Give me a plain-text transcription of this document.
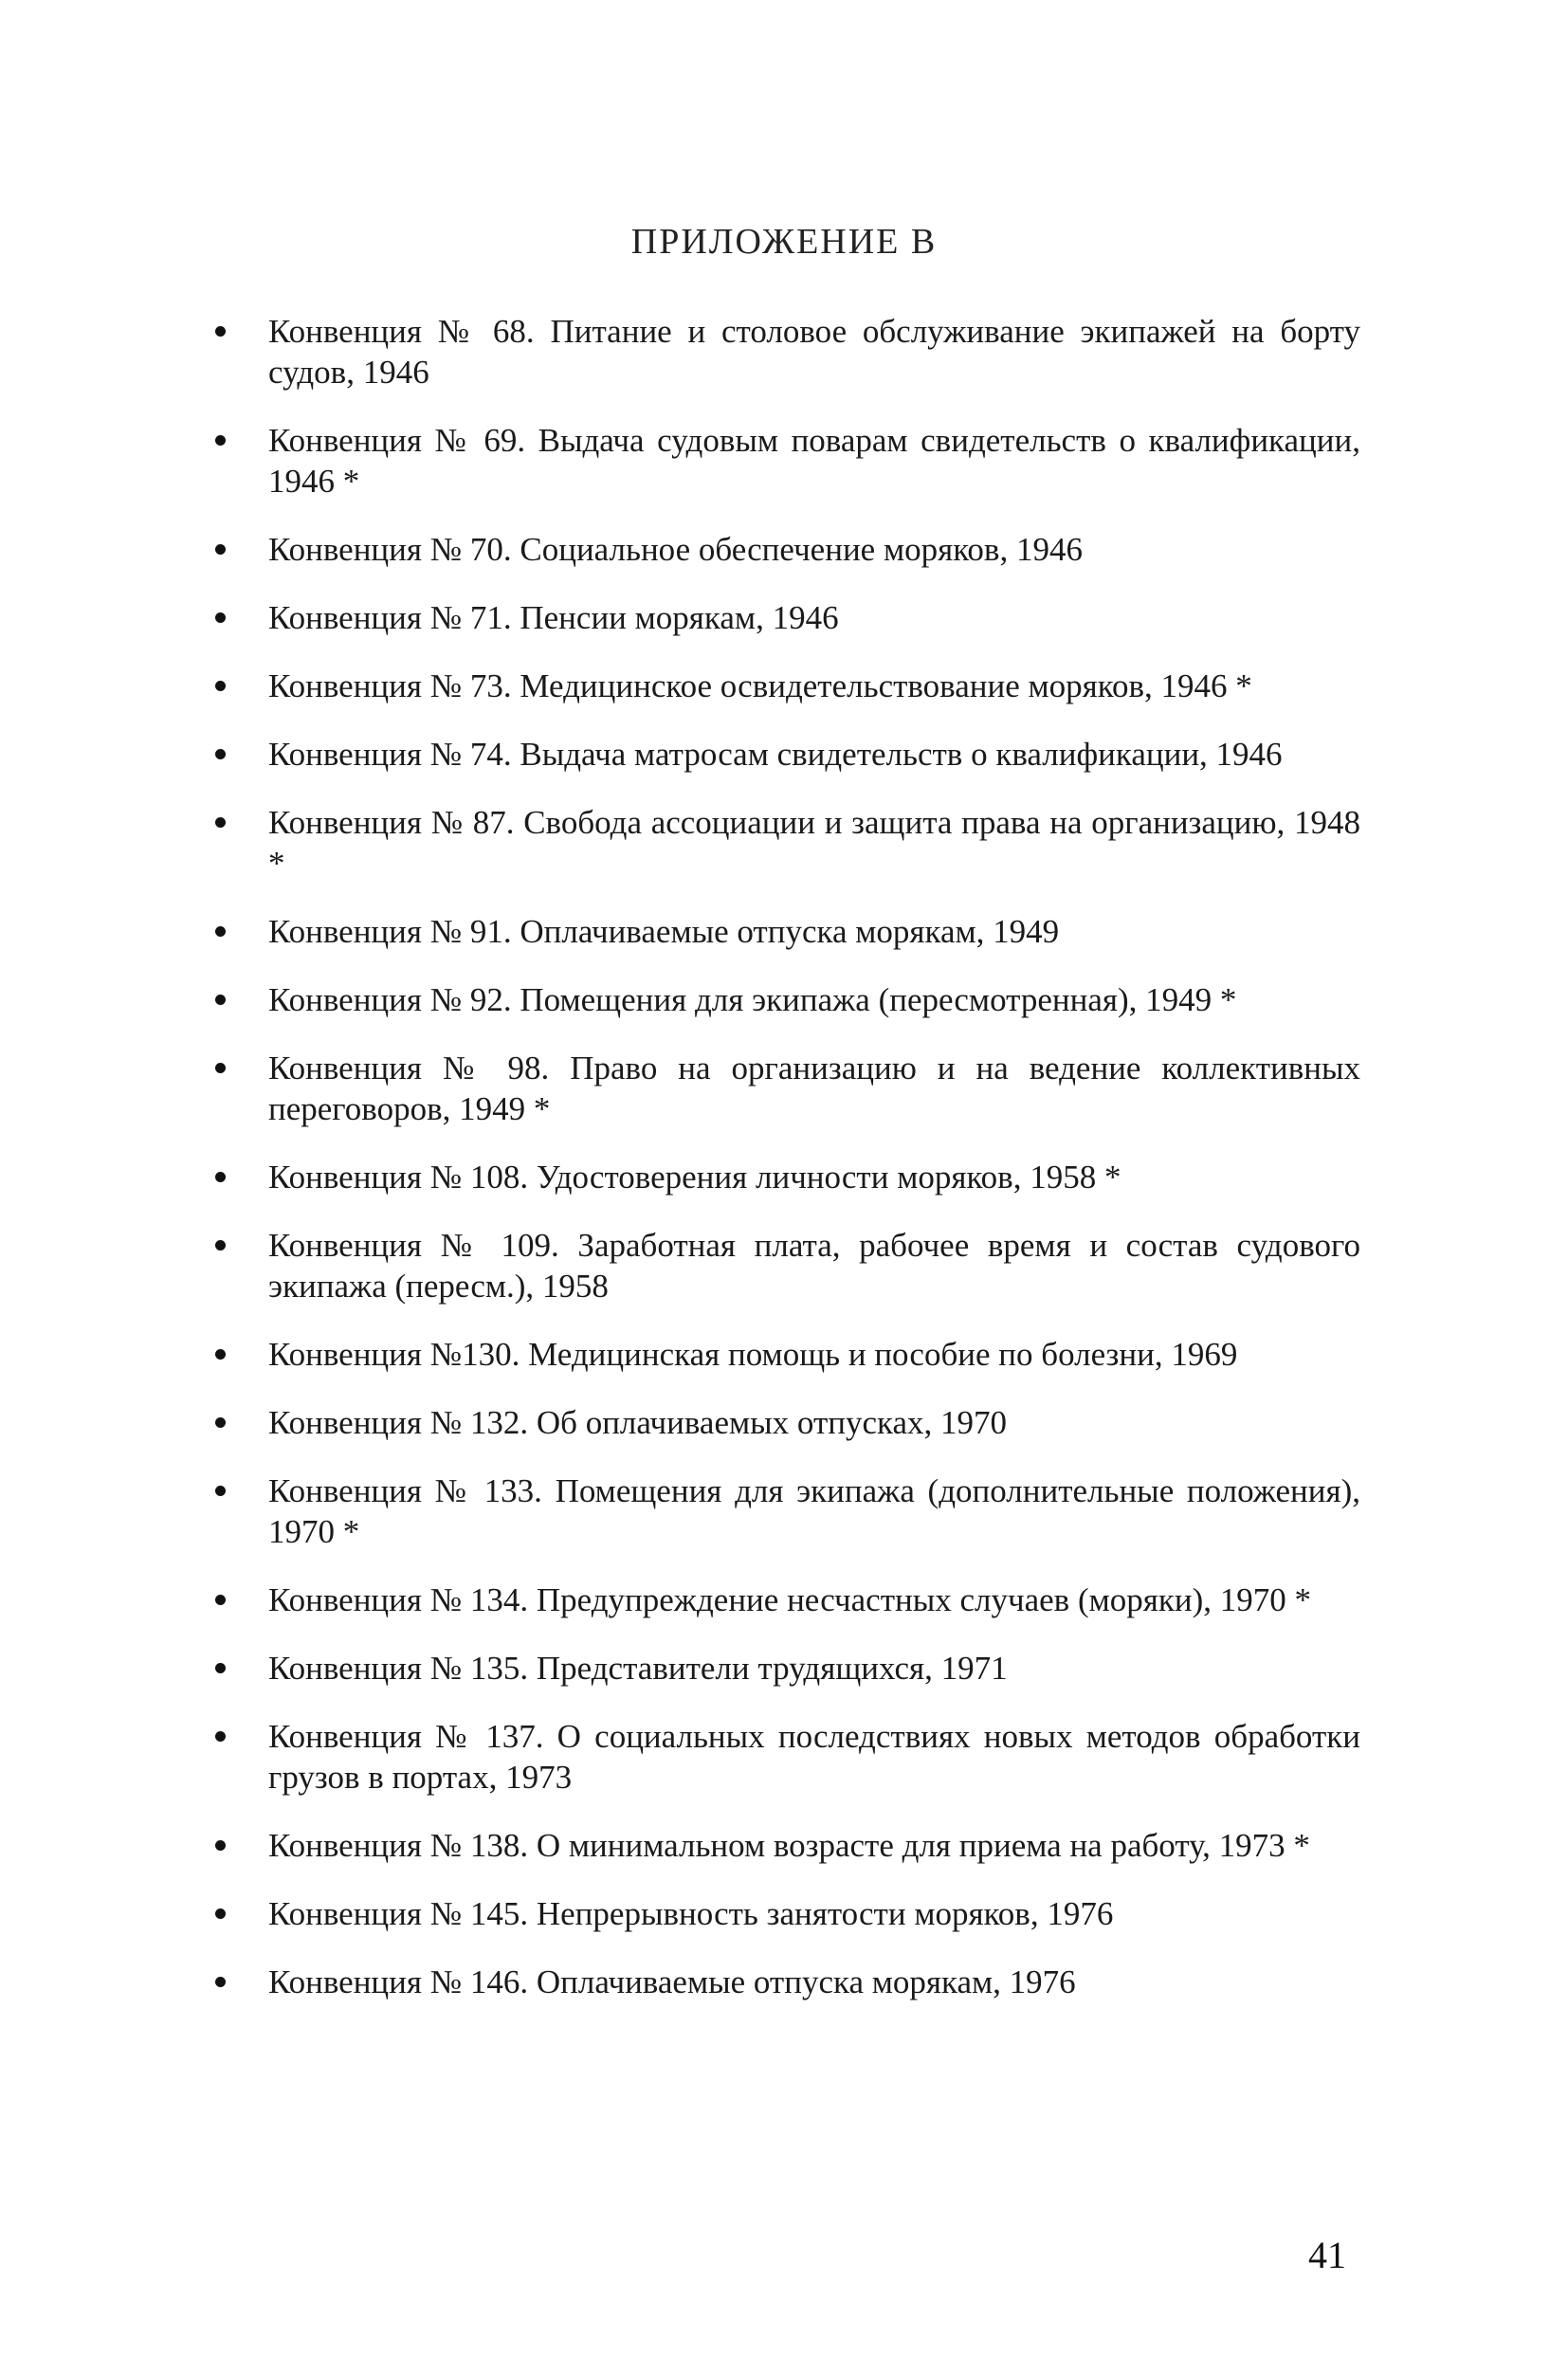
ПРИЛОЖЕНИЕ В
Конвенция № 68. Питание и столовое обслуживание экипажей на борту судов, 1946
Конвенция № 69. Выдача судовым поварам свидетельств о квалификации, 1946 *
Конвенция № 70. Социальное обеспечение моряков, 1946
Конвенция № 71. Пенсии морякам, 1946
Конвенция № 73. Медицинское освидетельствование моряков, 1946 *
Конвенция № 74. Выдача матросам свидетельств о квалификации, 1946
Конвенция № 87. Свобода ассоциации и защита права на организацию, 1948 *
Конвенция № 91. Оплачиваемые отпуска морякам, 1949
Конвенция № 92. Помещения для экипажа (пересмотренная), 1949 *
Конвенция № 98. Право на организацию и на ведение коллективных переговоров, 1949 *
Конвенция № 108. Удостоверения личности моряков, 1958 *
Конвенция № 109. Заработная плата, рабочее время и состав судового экипажа (пересм.), 1958
Конвенция №130. Медицинская помощь и пособие по болезни, 1969
Конвенция № 132. Об оплачиваемых отпусках, 1970
Конвенция № 133. Помещения для экипажа (дополнительные положения), 1970 *
Конвенция № 134. Предупреждение несчастных случаев (моряки), 1970 *
Конвенция № 135. Представители трудящихся, 1971
Конвенция № 137. О социальных последствиях новых методов обработки грузов в портах, 1973
Конвенция № 138. О минимальном возрасте для приема на работу, 1973 *
Конвенция № 145. Непрерывность занятости моряков, 1976
Конвенция № 146. Оплачиваемые отпуска морякам, 1976
41
